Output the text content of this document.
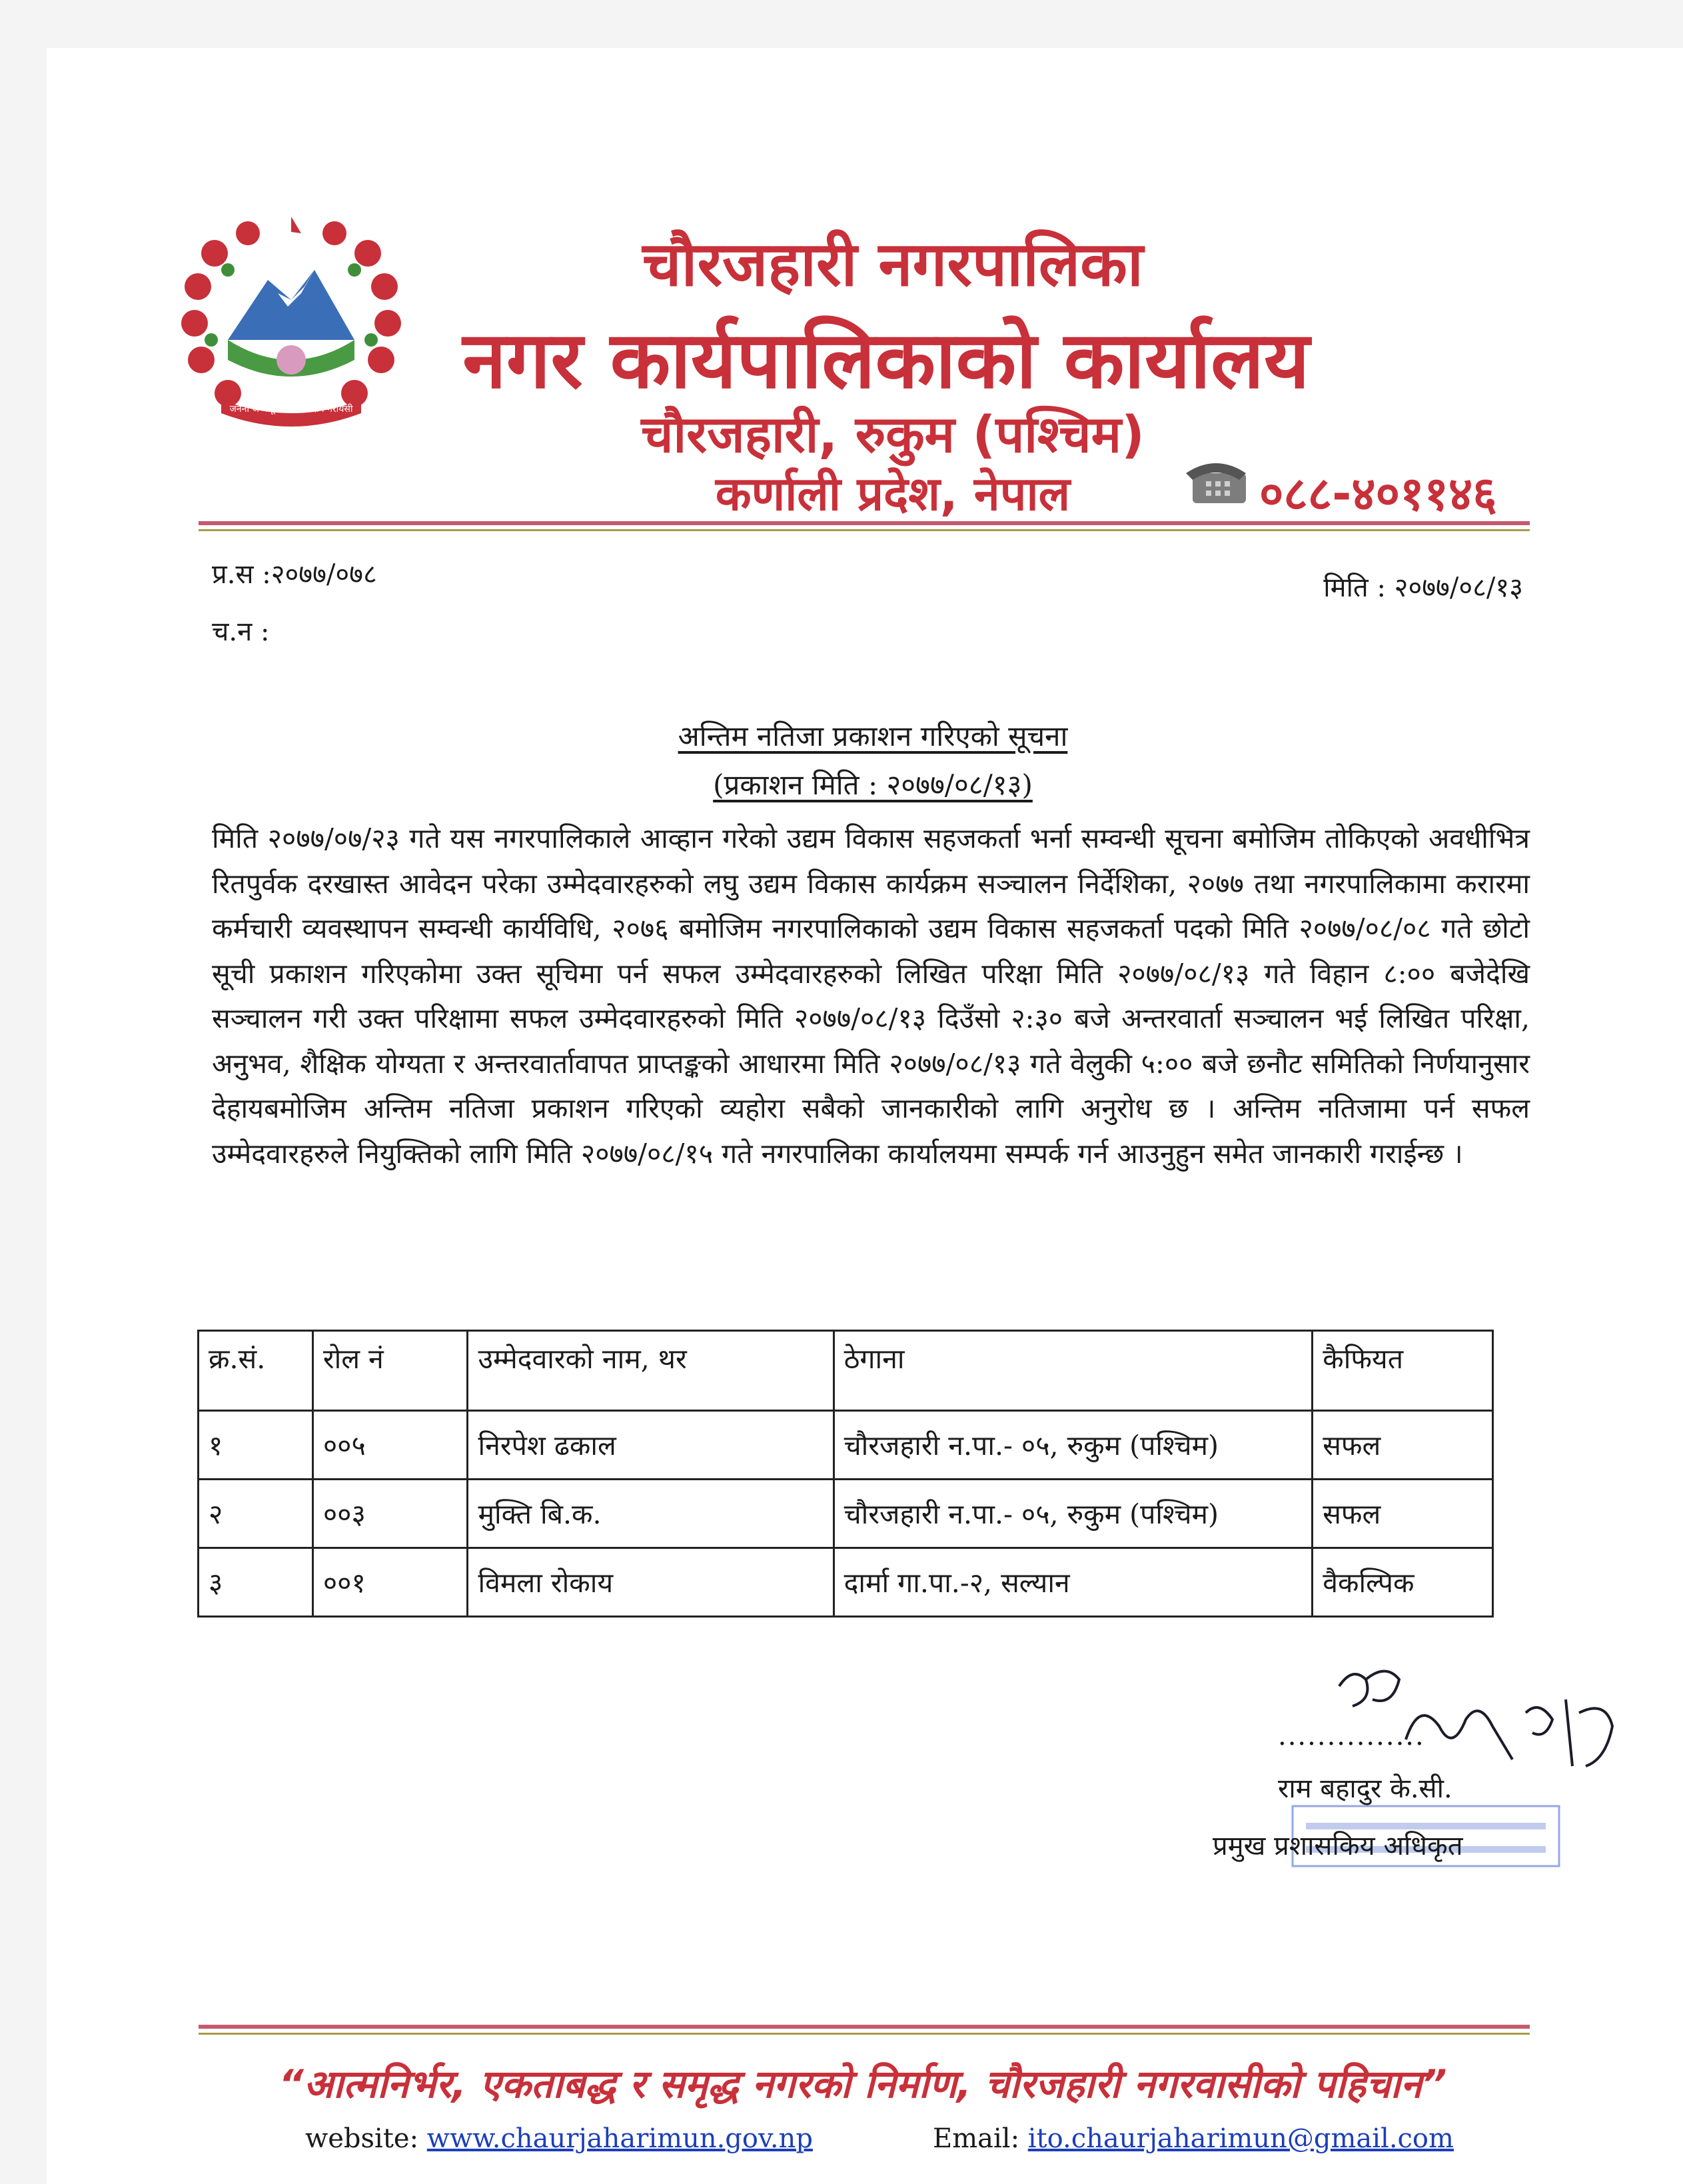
जननी जन्मभूमिश्च स्वर्गादपि गरीयसी
चौरजहारी नगरपालिका
नगर कार्यपालिकाको कार्यालय
चौरजहारी, रुकुम (पश्चिम)
कर्णाली प्रदेश, नेपाल	०८८-४०११४६
प्र.स :२०७७/०७८
च.न :
मिति : २०७७/०८/१३
अन्तिम नतिजा प्रकाशन गरिएको सूचना
(प्रकाशन मिति : २०७७/०८/१३)
मिति २०७७/०७/२३ गते यस नगरपालिकाले आव्हान गरेको उद्यम विकास सहजकर्ता भर्ना सम्वन्धी सूचना बमोजिम तोकिएको अवधीभित्र रितपुर्वक दरखास्त आवेदन परेका उम्मेदवारहरुको लघु उद्यम विकास कार्यक्रम सञ्चालन निर्देशिका, २०७७ तथा नगरपालिकामा करारमा कर्मचारी व्यवस्थापन सम्वन्धी कार्यविधि, २०७६ बमोजिम नगरपालिकाको उद्यम विकास सहजकर्ता पदको मिति २०७७/०८/०८ गते छोटो सूची प्रकाशन गरिएकोमा उक्त सूचिमा पर्न सफल उम्मेदवारहरुको लिखित परिक्षा मिति २०७७/०८/१३ गते विहान ८:०० बजेदेखि सञ्चालन गरी उक्त परिक्षामा सफल उम्मेदवारहरुको मिति २०७७/०८/१३ दिउँसो २:३० बजे अन्तरवार्ता सञ्चालन भई लिखित परिक्षा, अनुभव, शैक्षिक योग्यता र अन्तरवार्तावापत प्राप्तङ्कको आधारमा मिति २०७७/०८/१३ गते वेलुकी ५:०० बजे छनौट समितिको निर्णयानुसार देहायबमोजिम अन्तिम नतिजा प्रकाशन गरिएको व्यहोरा सबैको जानकारीको लागि अनुरोध छ । अन्तिम नतिजामा पर्न सफल उम्मेदवारहरुले नियुक्तिको लागि मिति २०७७/०८/१५ गते नगरपालिका कार्यालयमा सम्पर्क गर्न आउनुहुन समेत जानकारी गराईन्छ ।
क्र.सं.	रोल नं	उम्मेदवारको नाम, थर	ठेगाना	कैफियत
१	००५	निरपेश ढकाल	चौरजहारी न.पा.- ०५, रुकुम (पश्चिम)	सफल
२	००३	मुक्ति बि.क.	चौरजहारी न.पा.- ०५, रुकुम (पश्चिम)	सफल
३	००१	विमला रोकाय	दार्मा गा.पा.-२, सल्यान	वैकल्पिक
...............
राम बहादुर के.सी.
प्रमुख प्रशासकिय अधिकृत
“आत्मनिर्भर, एकताबद्ध र समृद्ध नगरको निर्माण, चौरजहारी नगरवासीको पहिचान”
website: www.chaurjaharimun.gov.np	Email: ito.chaurjaharimun@gmail.com
